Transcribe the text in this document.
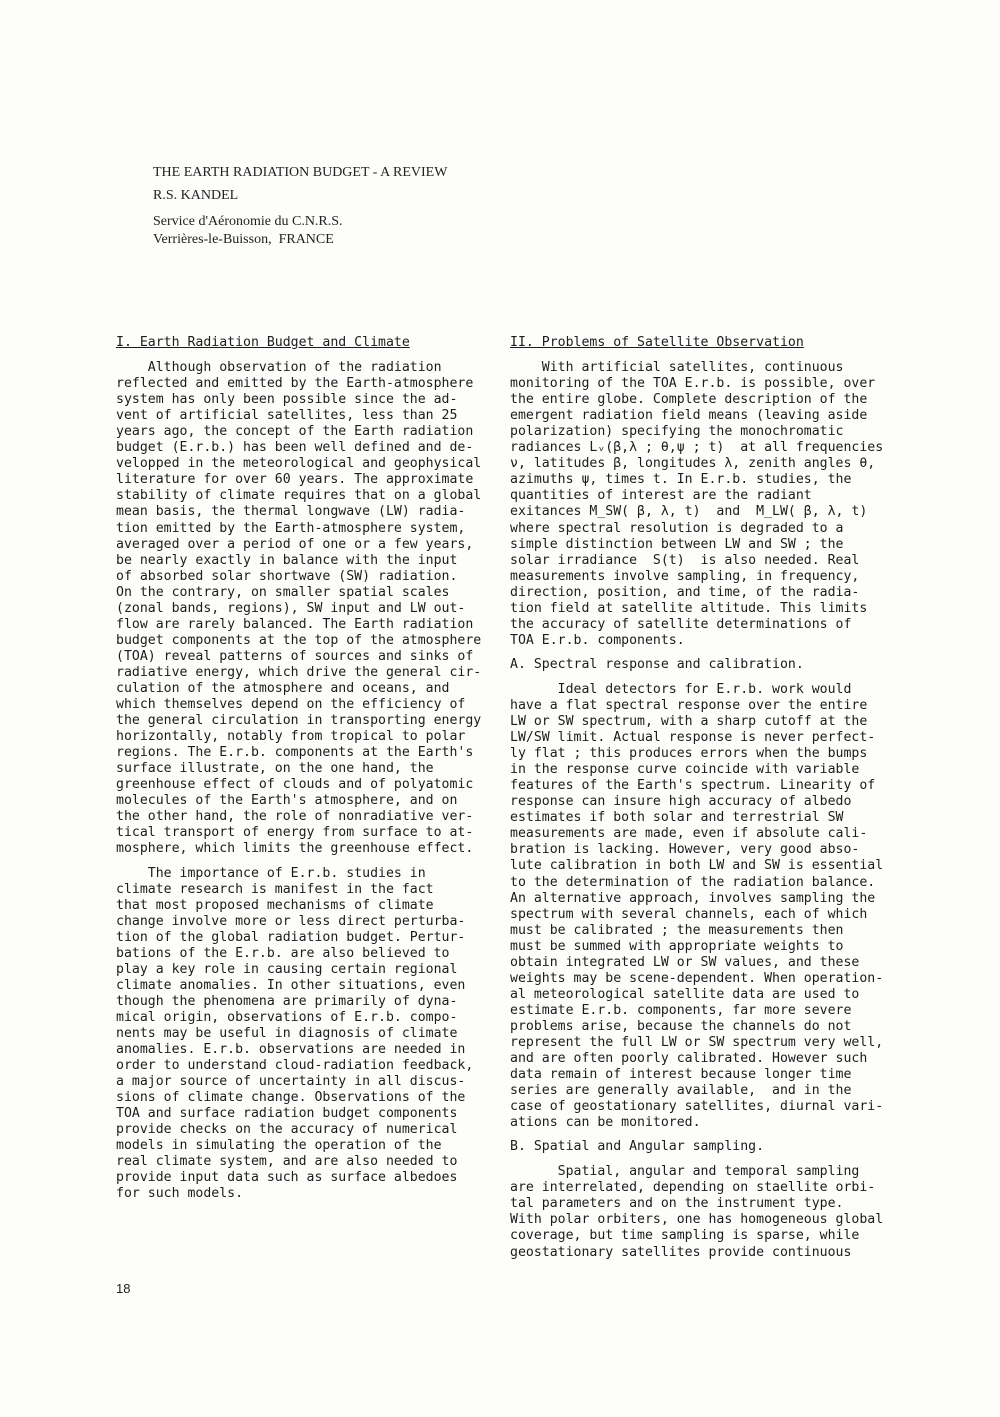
THE EARTH RADIATION BUDGET - A REVIEW
R.S. KANDEL
Service d'Aéronomie du C.N.R.S.
Verrières-le-Buisson,  FRANCE
I. Earth Radiation Budget and Climate
Although observation of the radiation
reflected and emitted by the Earth-atmosphere
system has only been possible since the ad-
vent of artificial satellites, less than 25
years ago, the concept of the Earth radiation
budget (E.r.b.) has been well defined and de-
velopped in the meteorological and geophysical
literature for over 60 years. The approximate
stability of climate requires that on a global
mean basis, the thermal longwave (LW) radia-
tion emitted by the Earth-atmosphere system,
averaged over a period of one or a few years,
be nearly exactly in balance with the input
of absorbed solar shortwave (SW) radiation.
On the contrary, on smaller spatial scales
(zonal bands, regions), SW input and LW out-
flow are rarely balanced. The Earth radiation
budget components at the top of the atmosphere
(TOA) reveal patterns of sources and sinks of
radiative energy, which drive the general cir-
culation of the atmosphere and oceans, and
which themselves depend on the efficiency of
the general circulation in transporting energy
horizontally, notably from tropical to polar
regions. The E.r.b. components at the Earth's
surface illustrate, on the one hand, the
greenhouse effect of clouds and of polyatomic
molecules of the Earth's atmosphere, and on
the other hand, the role of nonradiative ver-
tical transport of energy from surface to at-
mosphere, which limits the greenhouse effect.
The importance of E.r.b. studies in
climate research is manifest in the fact
that most proposed mechanisms of climate
change involve more or less direct perturba-
tion of the global radiation budget. Pertur-
bations of the E.r.b. are also believed to
play a key role in causing certain regional
climate anomalies. In other situations, even
though the phenomena are primarily of dyna-
mical origin, observations of E.r.b. compo-
nents may be useful in diagnosis of climate
anomalies. E.r.b. observations are needed in
order to understand cloud-radiation feedback,
a major source of uncertainty in all discus-
sions of climate change. Observations of the
TOA and surface radiation budget components
provide checks on the accuracy of numerical
models in simulating the operation of the
real climate system, and are also needed to
provide input data such as surface albedoes
for such models.
II. Problems of Satellite Observation
With artificial satellites, continuous
monitoring of the TOA E.r.b. is possible, over
the entire globe. Complete description of the
emergent radiation field means (leaving aside
polarization) specifying the monochromatic
radiances Lᵥ(β,λ ; θ,ψ ; t)  at all frequencies
ν, latitudes β, longitudes λ, zenith angles θ,
azimuths ψ, times t. In E.r.b. studies, the
quantities of interest are the radiant
exitances M_SW( β, λ, t)  and  M_LW( β, λ, t)
where spectral resolution is degraded to a
simple distinction between LW and SW ; the
solar irradiance  S(t)  is also needed. Real
measurements involve sampling, in frequency,
direction, position, and time, of the radia-
tion field at satellite altitude. This limits
the accuracy of satellite determinations of
TOA E.r.b. components.
A. Spectral response and calibration.
Ideal detectors for E.r.b. work would
have a flat spectral response over the entire
LW or SW spectrum, with a sharp cutoff at the
LW/SW limit. Actual response is never perfect-
ly flat ; this produces errors when the bumps
in the response curve coincide with variable
features of the Earth's spectrum. Linearity of
response can insure high accuracy of albedo
estimates if both solar and terrestrial SW
measurements are made, even if absolute cali-
bration is lacking. However, very good abso-
lute calibration in both LW and SW is essential
to the determination of the radiation balance.
An alternative approach, involves sampling the
spectrum with several channels, each of which
must be calibrated ; the measurements then
must be summed with appropriate weights to
obtain integrated LW or SW values, and these
weights may be scene-dependent. When operation-
al meteorological satellite data are used to
estimate E.r.b. components, far more severe
problems arise, because the channels do not
represent the full LW or SW spectrum very well,
and are often poorly calibrated. However such
data remain of interest because longer time
series are generally available,  and in the
case of geostationary satellites, diurnal vari-
ations can be monitored.
B. Spatial and Angular sampling.
Spatial, angular and temporal sampling
are interrelated, depending on staellite orbi-
tal parameters and on the instrument type.
With polar orbiters, one has homogeneous global
coverage, but time sampling is sparse, while
geostationary satellites provide continuous
18
